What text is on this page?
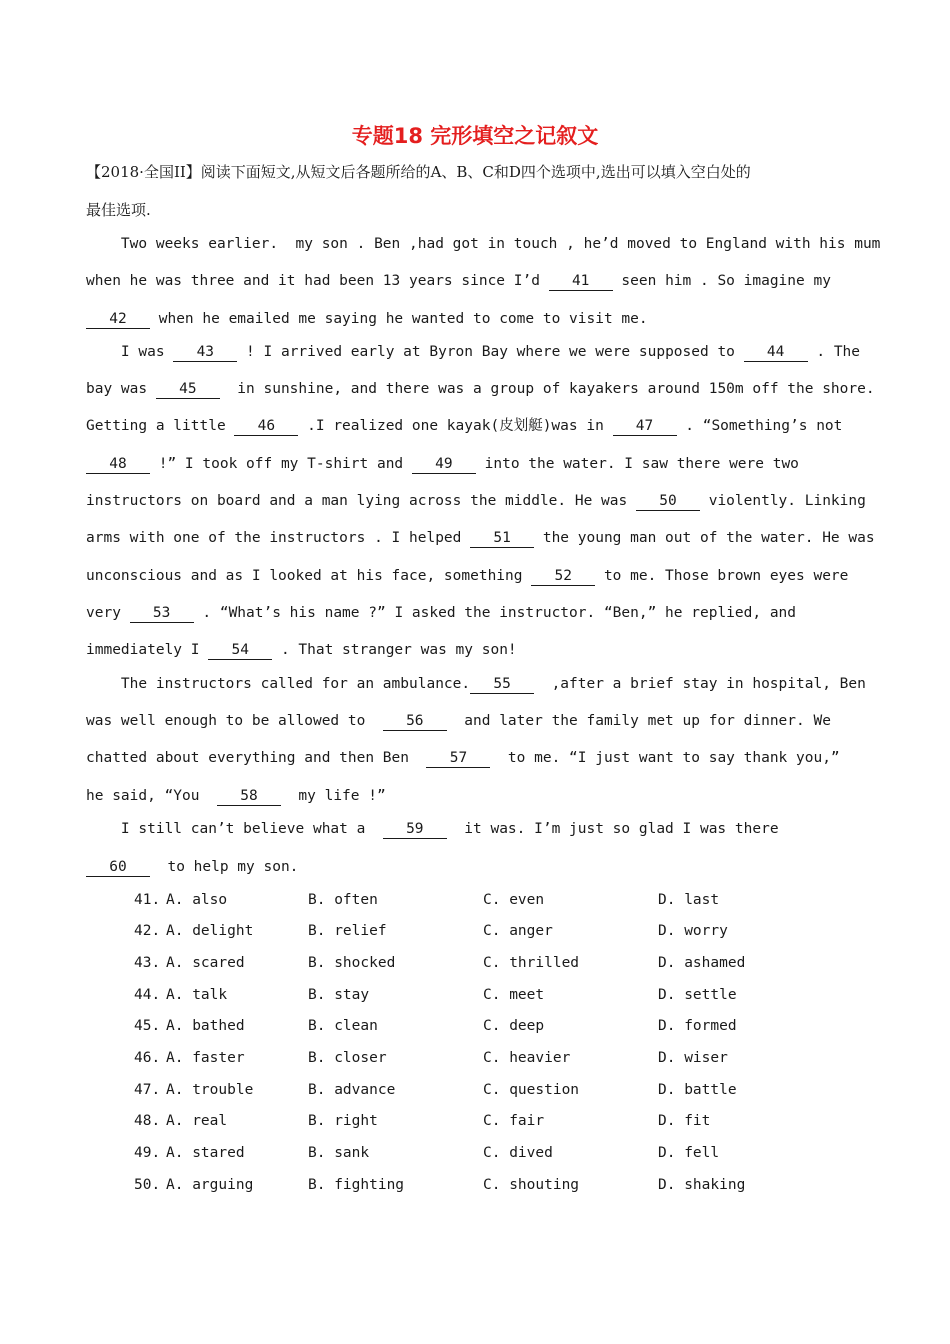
专题18 完形填空之记叙文
【2018·全国II】阅读下面短文,从短文后各题所给的A、B、C和D四个选项中,选出可以填入空白处的
最佳选项.
Two weeks earlier.  my son . Ben ,had got in touch , he’d moved to England with his mum
when he was three and it had been 13 years since I’d 41 seen him . So imagine my
42 when he emailed me saying he wanted to come to visit me.
I was 43 ! I arrived early at Byron Bay where we were supposed to 44 . The
bay was 45  in sunshine, and there was a group of kayakers around 150m off the shore.
Getting a little 46 .I realized one kayak(皮划艇)was in 47 . “Something’s not
48 !” I took off my T-shirt and 49 into the water. I saw there were two
instructors on board and a man lying across the middle. He was 50 violently. Linking
arms with one of the instructors . I helped 51 the young man out of the water. He was
unconscious and as I looked at his face, something 52 to me. Those brown eyes were
very 53 . “What’s his name ?” I asked the instructor. “Ben,” he replied, and
immediately I 54 . That stranger was my son!
The instructors called for an ambulance. 55  ,after a brief stay in hospital, Ben
was well enough to be allowed to  56  and later the family met up for dinner. We
chatted about everything and then Ben  57  to me. “I just want to say thank you,”
he said, “You  58  my life !”
I still can’t believe what a  59  it was. I’m just so glad I was there
60  to help my son.

41.

A. also

	B. often

	C. even

	D. last

42.

A. delight

	B. relief

	C. anger

	D. worry

43.

A. scared

	B. shocked

	C. thrilled

	D. ashamed

44.

A. talk

	B. stay

	C. meet

	D. settle

45.

A. bathed

	B. clean

	C. deep

	D. formed

46.

A. faster

	B. closer

	C. heavier

	D. wiser

47.

A. trouble

	B. advance

	C. question

	D. battle

48.

A. real

	B. right

	C. fair

	D. fit

49.

A. stared

	B. sank

	C. dived

	D. fell

50.

A. arguing

	B. fighting

	C. shouting

	D. shaking
